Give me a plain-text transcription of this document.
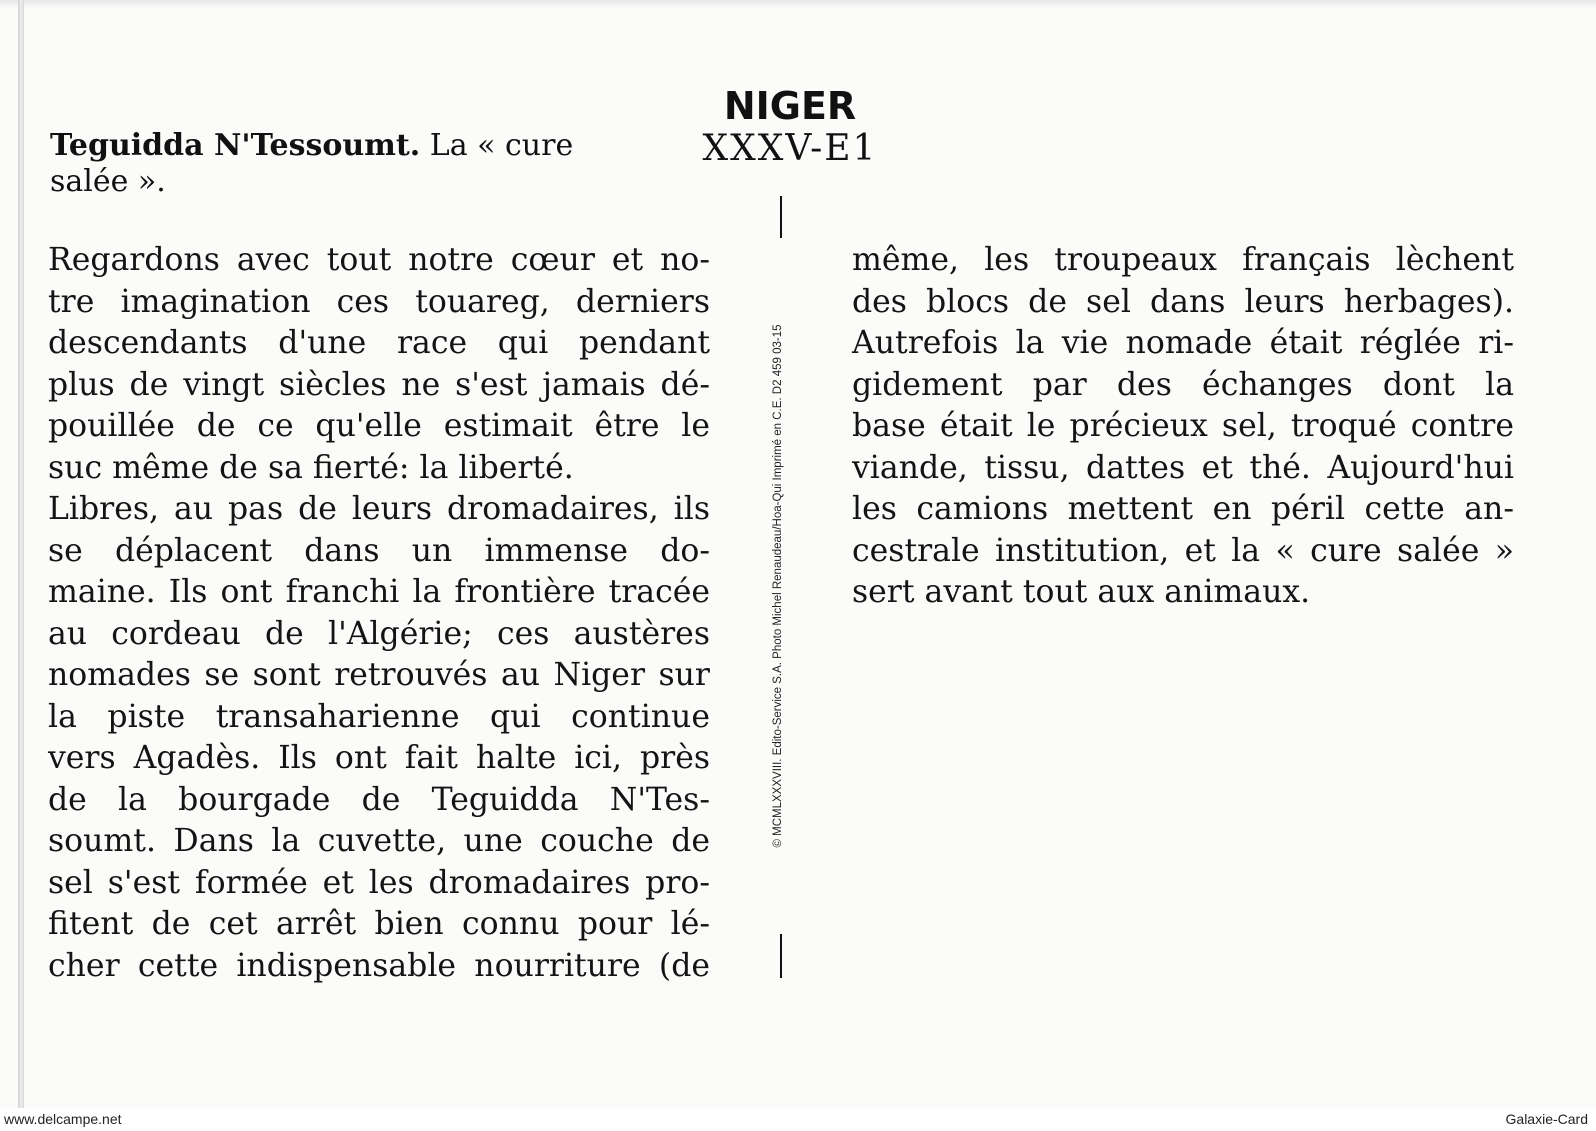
Teguidda N'Tessoumt. La « cure
salée ».
NIGER
XXXV-E1
© MCMLXXXVIII. Edito-Service S.A. Photo Michel Renaudeau/Hoa-Qui Imprimé en C.E. D2 459 03-15
Regardons avec tout notre cœur et no-
tre imagination ces touareg, derniers
descendants d'une race qui pendant
plus de vingt siècles ne s'est jamais dé-
pouillée de ce qu'elle estimait être le
suc même de sa fierté: la liberté.
Libres, au pas de leurs dromadaires, ils
se déplacent dans un immense do-
maine. Ils ont franchi la frontière tracée
au cordeau de l'Algérie; ces austères
nomades se sont retrouvés au Niger sur
la piste transaharienne qui continue
vers Agadès. Ils ont fait halte ici, près
de la bourgade de Teguidda N'Tes-
soumt. Dans la cuvette, une couche de
sel s'est formée et les dromadaires pro-
fitent de cet arrêt bien connu pour lé-
cher cette indispensable nourriture (de
même, les troupeaux français lèchent
des blocs de sel dans leurs herbages).
Autrefois la vie nomade était réglée ri-
gidement par des échanges dont la
base était le précieux sel, troqué contre
viande, tissu, dattes et thé. Aujourd'hui
les camions mettent en péril cette an-
cestrale institution, et la « cure salée »
sert avant tout aux animaux.
www.delcampe.net	Galaxie-Card
